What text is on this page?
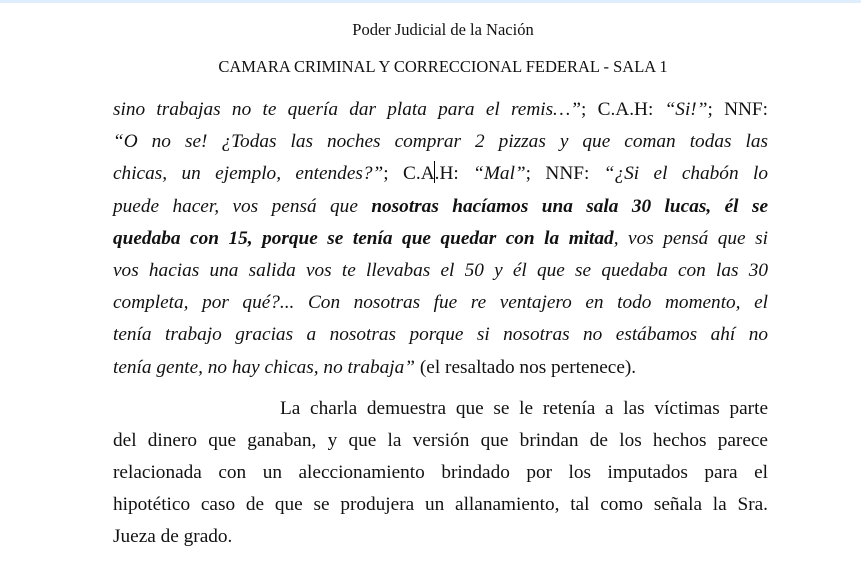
Poder Judicial de la Nación
CAMARA CRIMINAL Y CORRECCIONAL FEDERAL - SALA 1
sino trabajas no te quería dar plata para el remis…”; C.A.H: “Si!”; NNF:
“O no se! ¿Todas las noches comprar 2 pizzas y que coman todas las
chicas, un ejemplo, entendes?”; C.A.H: “Mal”; NNF: “¿Si el chabón lo
puede hacer, vos pensá que nosotras hacíamos una sala 30 lucas, él se
quedaba con 15, porque se tenía que quedar con la mitad, vos pensá que si
vos hacias una salida vos te llevabas el 50 y él que se quedaba con las 30
completa, por qué?... Con nosotras fue re ventajero en todo momento, el
tenía trabajo gracias a nosotras porque si nosotras no estábamos ahí no
tenía gente, no hay chicas, no trabaja” (el resaltado nos pertenece).
La charla demuestra que se le retenía a las víctimas parte
del dinero que ganaban, y que la versión que brindan de los hechos parece
relacionada con un aleccionamiento brindado por los imputados para el
hipotético caso de que se produjera un allanamiento, tal como señala la Sra.
Jueza de grado.
